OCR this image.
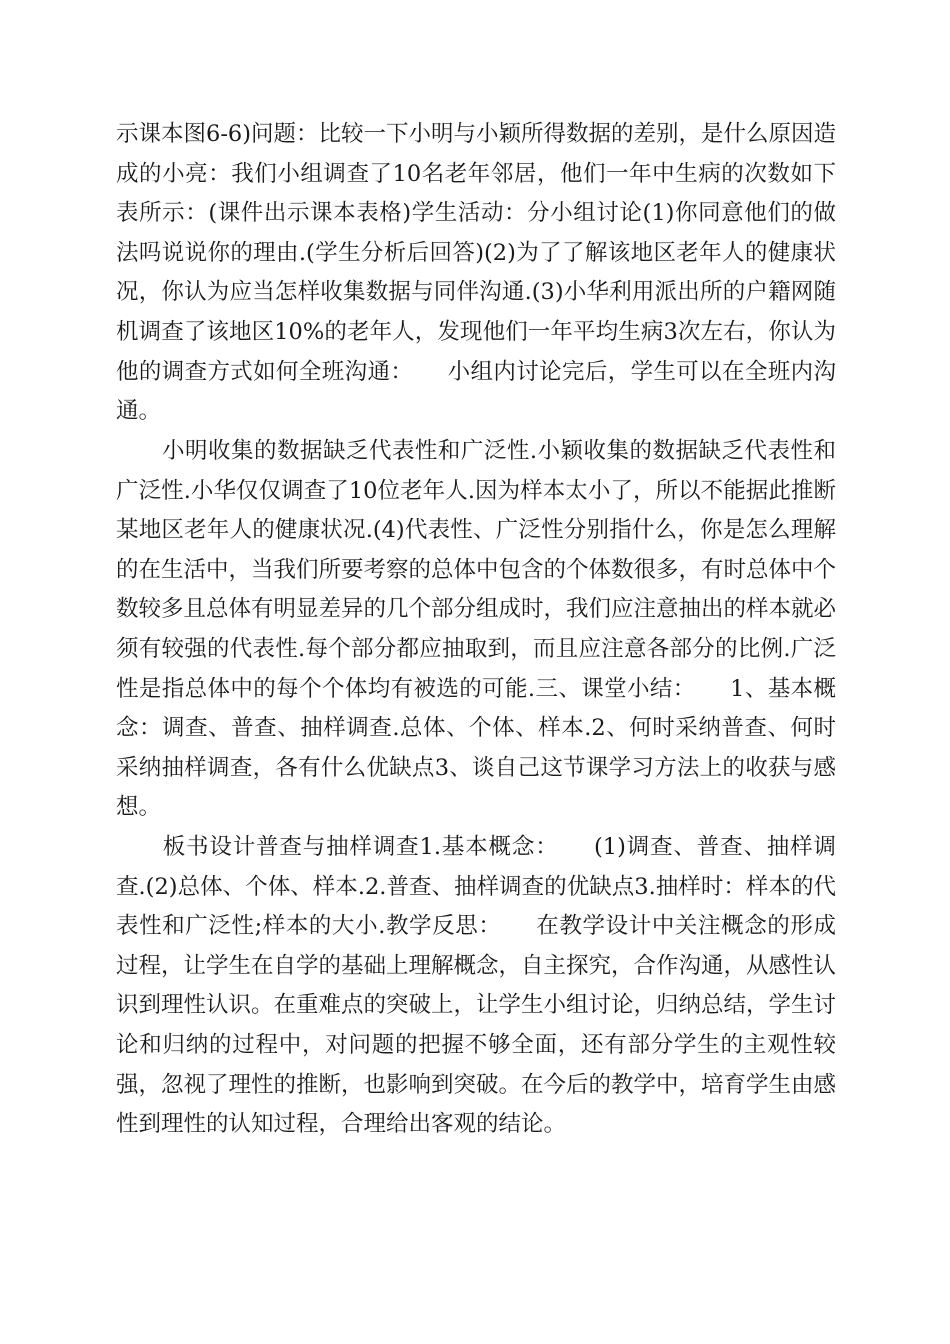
示课本图6-6)问题：比较一下小明与小颖所得数据的差别，是什么原因造成的小亮：我们小组调查了10名老年邻居，他们一年中生病的次数如下表所示：(课件出示课本表格)学生活动：分小组讨论(1)你同意他们的做法吗说说你的理由.(学生分析后回答)(2)为了了解该地区老年人的健康状况，你认为应当怎样收集数据与同伴沟通.(3)小华利用派出所的户籍网随机调查了该地区10%的老年人，发现他们一年平均生病3次左右，你认为他的调查方式如何全班沟通：　　小组内讨论完后，学生可以在全班内沟通。

　　小明收集的数据缺乏代表性和广泛性.小颖收集的数据缺乏代表性和广泛性.小华仅仅调查了10位老年人.因为样本太小了，所以不能据此推断某地区老年人的健康状况.(4)代表性、广泛性分别指什么，你是怎么理解的在生活中，当我们所要考察的总体中包含的个体数很多，有时总体中个数较多且总体有明显差异的几个部分组成时，我们应注意抽出的样本就必须有较强的代表性.每个部分都应抽取到，而且应注意各部分的比例.广泛性是指总体中的每个个体均有被选的可能.三、课堂小结：　　1、基本概念：调查、普查、抽样调查.总体、个体、样本.2、何时采纳普查、何时采纳抽样调查，各有什么优缺点3、谈自己这节课学习方法上的收获与感想。

　　板书设计普查与抽样调查1.基本概念：　　(1)调查、普查、抽样调查.(2)总体、个体、样本.2.普查、抽样调查的优缺点3.抽样时：样本的代表性和广泛性;样本的大小.教学反思：　　在教学设计中关注概念的形成过程，让学生在自学的基础上理解概念，自主探究，合作沟通，从感性认识到理性认识。在重难点的突破上，让学生小组讨论，归纳总结，学生讨论和归纳的过程中，对问题的把握不够全面，还有部分学生的主观性较强，忽视了理性的推断，也影响到突破。在今后的教学中，培育学生由感性到理性的认知过程，合理给出客观的结论。
